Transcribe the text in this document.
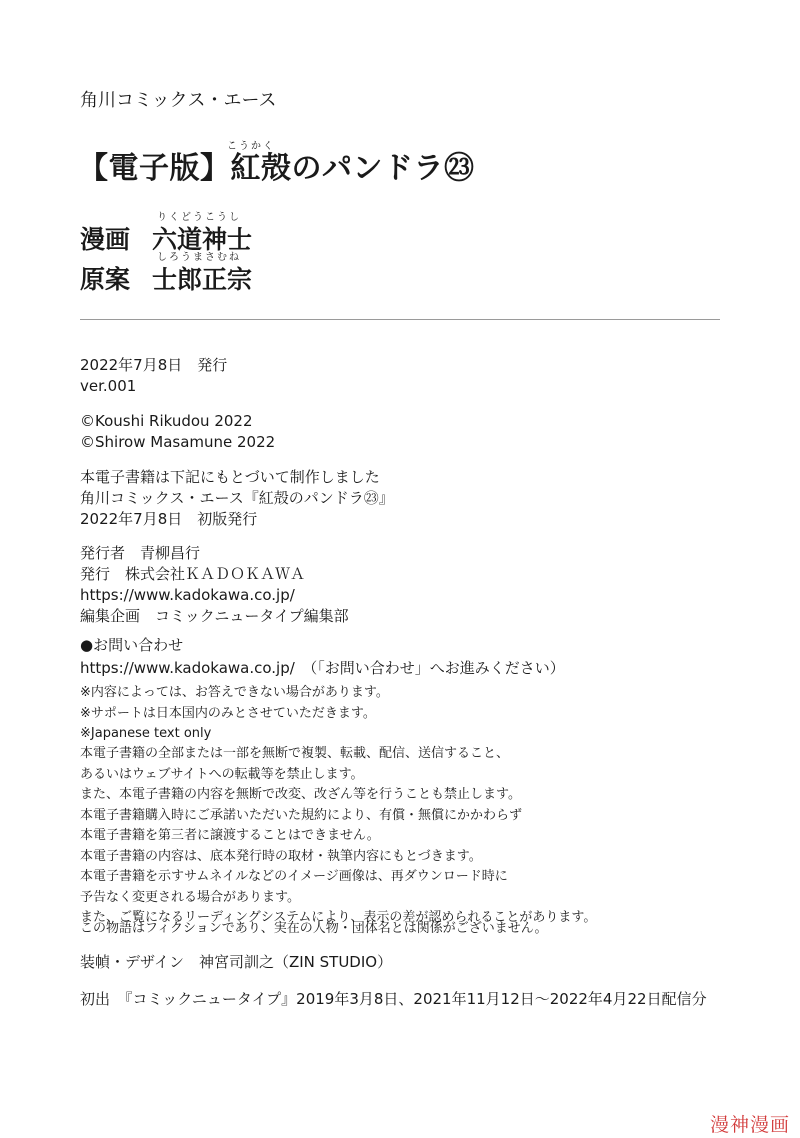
角川コミックス・エース
こうかく
【電子版】紅殻のパンドラ㉓
りくどうこうし
漫画 六道神士
しろうまさむね
原案 士郎正宗
2022年7月8日　発行
ver.001
©Koushi Rikudou 2022
©Shirow Masamune 2022
本電子書籍は下記にもとづいて制作しました
角川コミックス・エース『紅殻のパンドラ㉓』
2022年7月8日　初版発行
発行者　青柳昌行
発行　株式会社ＫＡＤＯＫＡＷＡ
https://www.kadokawa.co.jp/
編集企画　コミックニュータイプ編集部
●お問い合わせ
https://www.kadokawa.co.jp/　（「お問い合わせ」へお進みください）
※内容によっては、お答えできない場合があります。
※サポートは日本国内のみとさせていただきます。
※Japanese text only
本電子書籍の全部または一部を無断で複製、転載、配信、送信すること、
あるいはウェブサイトへの転載等を禁止します。
また、本電子書籍の内容を無断で改変、改ざん等を行うことも禁止します。
本電子書籍購入時にご承諾いただいた規約により、有償・無償にかかわらず
本電子書籍を第三者に譲渡することはできません。
本電子書籍の内容は、底本発行時の取材・執筆内容にもとづきます。
本電子書籍を示すサムネイルなどのイメージ画像は、再ダウンロード時に
予告なく変更される場合があります。
また、ご覧になるリーディングシステムにより、表示の差が認められることがあります。
この物語はフィクションであり、実在の人物・団体名とは関係がございません。
装幀・デザイン　神宮司訓之（ZIN STUDIO）
初出　『コミックニュータイプ』2019年3月8日、2021年11月12日～2022年4月22日配信分
漫神漫画
